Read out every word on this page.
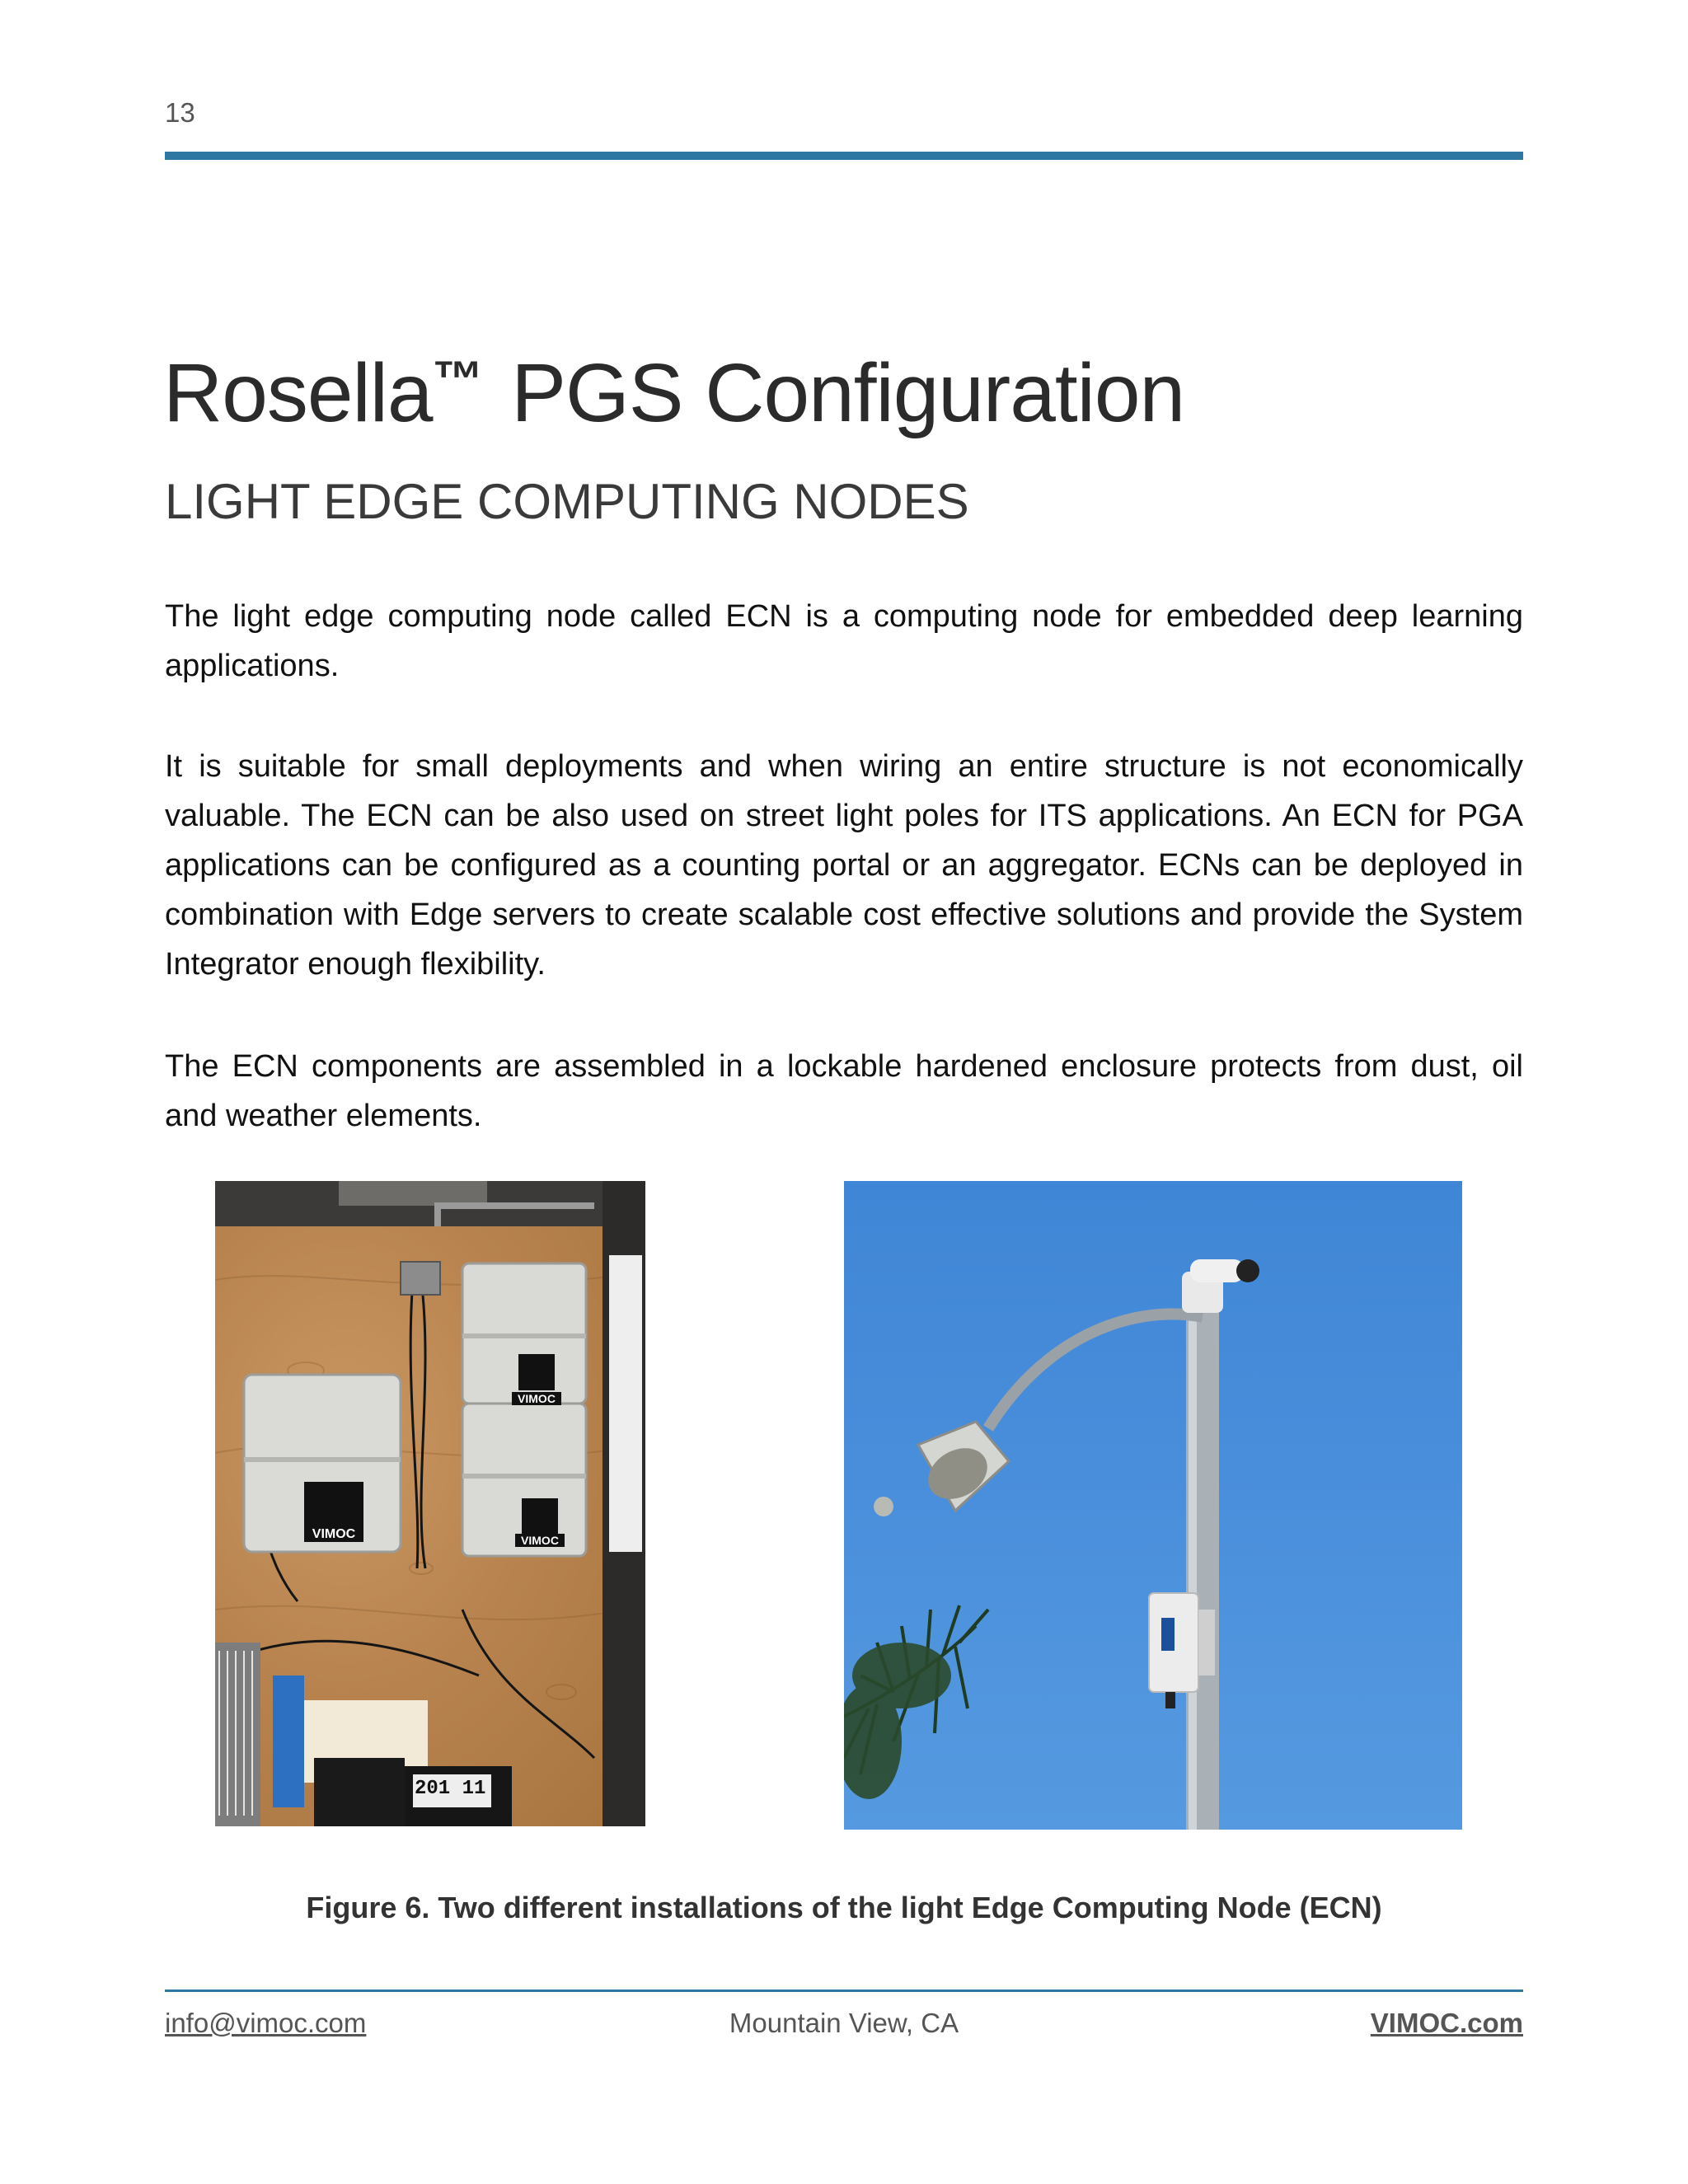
13
Rosella™ PGS Configuration
LIGHT EDGE COMPUTING NODES

The light edge computing node called ECN is a computing node for embedded deep learning applications.

It is suitable for small deployments and when wiring an entire structure is not economically valuable. The ECN can be also used on street light poles for ITS applications. An ECN for PGA applications can be configured as a counting portal or an aggregator. ECNs can be deployed in combination with Edge servers to create scalable cost effective solutions and provide the System Integrator enough flexibility.

The ECN components are assembled in a lockable hardened enclosure protects from dust, oil and weather elements.

VIMOC
VIMOC	VIMOC
201 11
Figure 6. Two different installations of the light Edge Computing Node (ECN)
info@vimoc.com	Mountain View, CA	VIMOC.com
